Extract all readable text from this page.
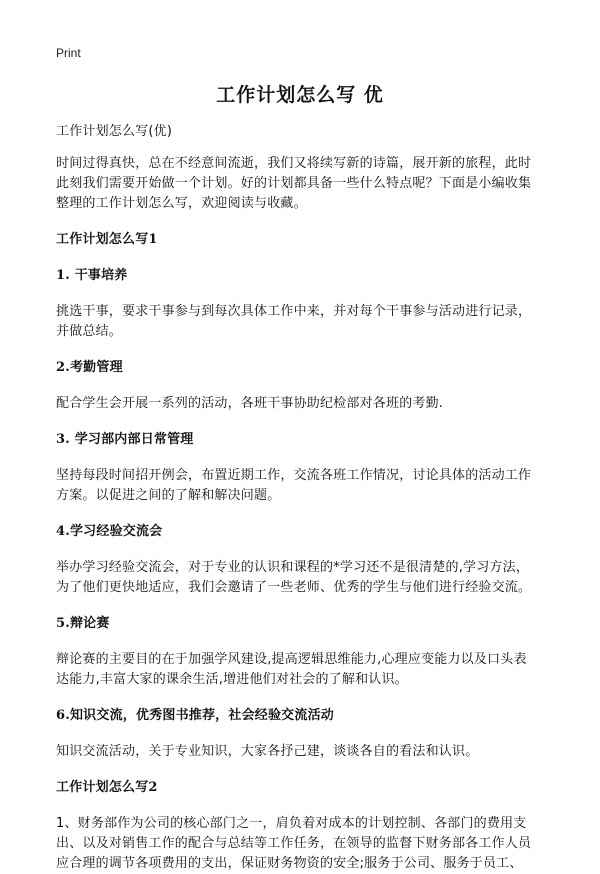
Print
工作计划怎么写 优
工作计划怎么写(优)
时间过得真快，总在不经意间流逝，我们又将续写新的诗篇，展开新的旅程，此时
此刻我们需要开始做一个计划。好的计划都具备一些什么特点呢？下面是小编收集
整理的工作计划怎么写，欢迎阅读与收藏。
工作计划怎么写1
1. 干事培养
挑选干事，要求干事参与到每次具体工作中来，并对每个干事参与活动进行记录，
并做总结。
2.考勤管理
配合学生会开展一系列的活动，各班干事协助纪检部对各班的考勤.
3. 学习部内部日常管理
坚持每段时间招开例会，布置近期工作，交流各班工作情况，讨论具体的活动工作
方案。以促进之间的了解和解决问题。
4.学习经验交流会
举办学习经验交流会，对于专业的认识和课程的*学习还不是很清楚的,学习方法，
为了他们更快地适应，我们会邀请了一些老师、优秀的学生与他们进行经验交流。
5.辩论赛
辩论赛的主要目的在于加强学风建设,提高逻辑思维能力,心理应变能力以及口头表
达能力,丰富大家的课余生活,增进他们对社会的了解和认识。
6.知识交流，优秀图书推荐，社会经验交流活动
知识交流活动，关于专业知识，大家各抒己建，谈谈各自的看法和认识。
工作计划怎么写2
1、财务部作为公司的核心部门之一，肩负着对成本的计划控制、各部门的费用支
出、以及对销售工作的配合与总结等工作任务，在领导的监督下财务部各工作人员
应合理的调节各项费用的支出，保证财务物资的安全;服务于公司、服务于员工、
